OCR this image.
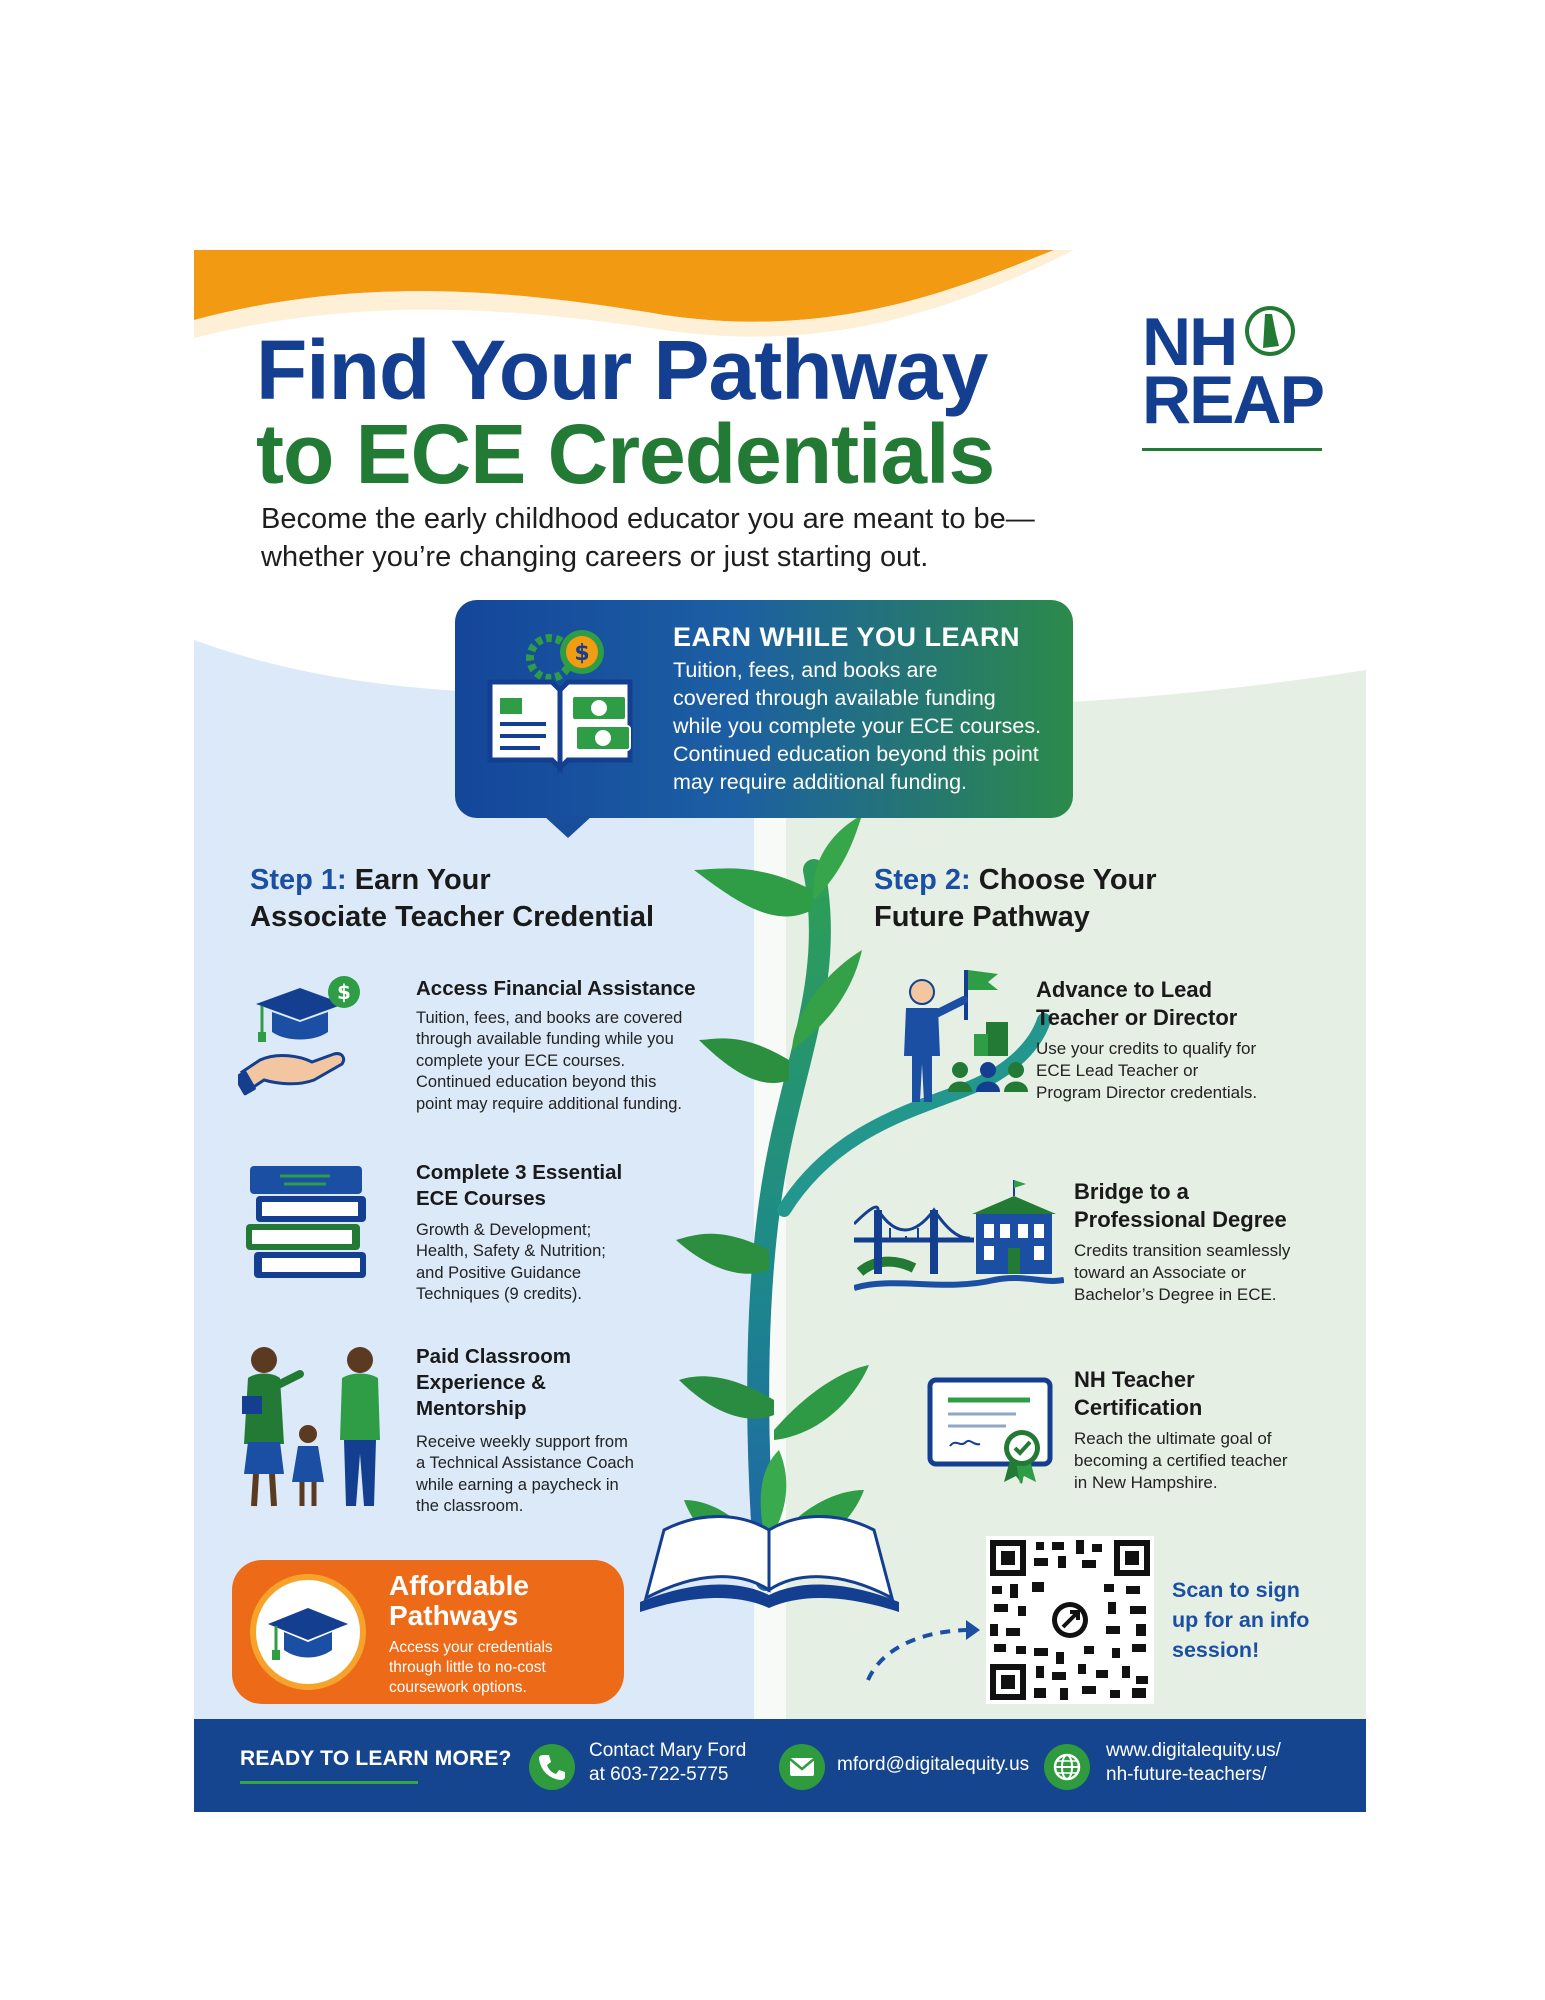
Find Your Pathway
to ECE Credentials
Become the early childhood educator you are meant to be—
whether you’re changing careers or just starting out.
NH
REAP
$
EARN WHILE YOU LEARN
Tuition, fees, and books are
covered through available funding
while you complete your ECE courses.
Continued education beyond this point
may require additional funding.
Step 1: Earn Your
Associate Teacher Credential
Step 2: Choose Your
Future Pathway
$	Access Financial Assistance
Tuition, fees, and books are covered
through available funding while you
complete your ECE courses.
Continued education beyond this
point may require additional funding.
Complete 3 Essential
ECE Courses
Growth & Development;
Health, Safety & Nutrition;
and Positive Guidance
Techniques (9 credits).
Paid Classroom
Experience &
Mentorship
Receive weekly support from
a Technical Assistance Coach
while earning a paycheck in
the classroom.
Advance to Lead
Teacher or Director
Use your credits to qualify for
ECE Lead Teacher or
Program Director credentials.
Bridge to a
Professional Degree
Credits transition seamlessly
toward an Associate or
Bachelor’s Degree in ECE.
NH Teacher
Certification
Reach the ultimate goal of
becoming a certified teacher
in New Hampshire.
Affordable
Pathways
Access your credentials
through little to no-cost
coursework options.
Scan to sign
up for an info
session!
READY TO LEARN MORE?	Contact Mary Ford
at 603-722-5775	mford@digitalequity.us
www.digitalequity.us/
nh-future-teachers/
